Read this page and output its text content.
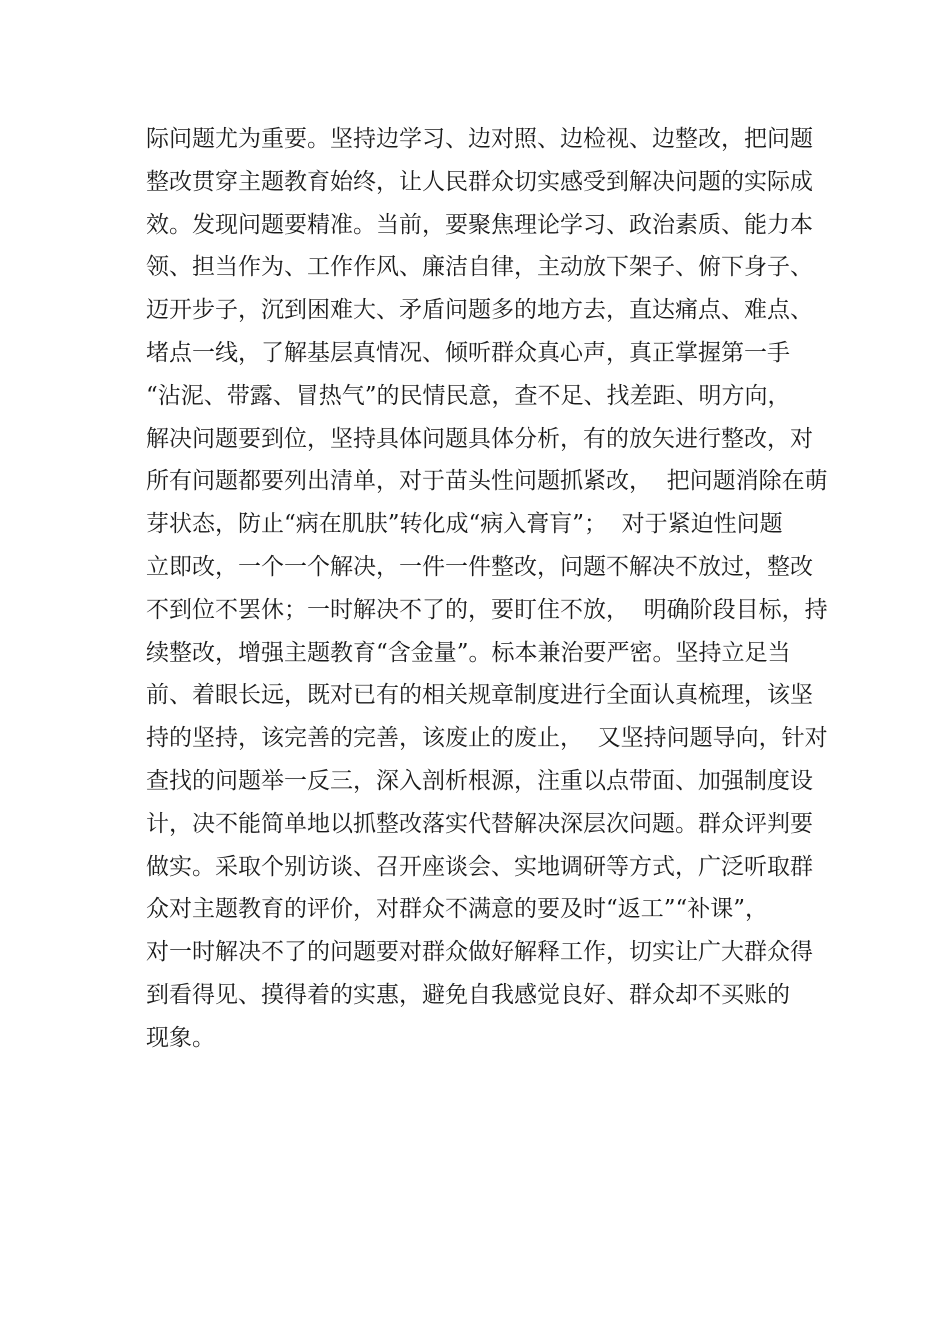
际问题尤为重要。坚持边学习、边对照、边检视、边整改，把问题
整改贯穿主题教育始终，让人民群众切实感受到解决问题的实际成
效。发现问题要精准。当前，要聚焦理论学习、政治素质、能力本
领、担当作为、工作作风、廉洁自律，主动放下架子、俯下身子、
迈开步子，沉到困难大、矛盾问题多的地方去，直达痛点、难点、
堵点一线，了解基层真情况、倾听群众真心声，真正掌握第一手
“沾泥、带露、冒热气”的民情民意，查不足、找差距、明方向，
解决问题要到位，坚持具体问题具体分析，有的放矢进行整改，对
所有问题都要列出清单，对于苗头性问题抓紧改，  把问题消除在萌
芽状态，防止“病在肌肤”转化成“病入膏肓”；  对于紧迫性问题
立即改，一个一个解决，一件一件整改，问题不解决不放过，整改
不到位不罢休；一时解决不了的，要盯住不放，  明确阶段目标，持
续整改，增强主题教育“含金量”。标本兼治要严密。坚持立足当
前、着眼长远，既对已有的相关规章制度进行全面认真梳理，该坚
持的坚持，该完善的完善，该废止的废止，  又坚持问题导向，针对
查找的问题举一反三，深入剖析根源，注重以点带面、加强制度设
计，决不能简单地以抓整改落实代替解决深层次问题。群众评判要
做实。采取个别访谈、召开座谈会、实地调研等方式，广泛听取群
众对主题教育的评价，对群众不满意的要及时“返工”“补课”，
对一时解决不了的问题要对群众做好解释工作，切实让广大群众得
到看得见、摸得着的实惠，避免自我感觉良好、群众却不买账的
现象。
